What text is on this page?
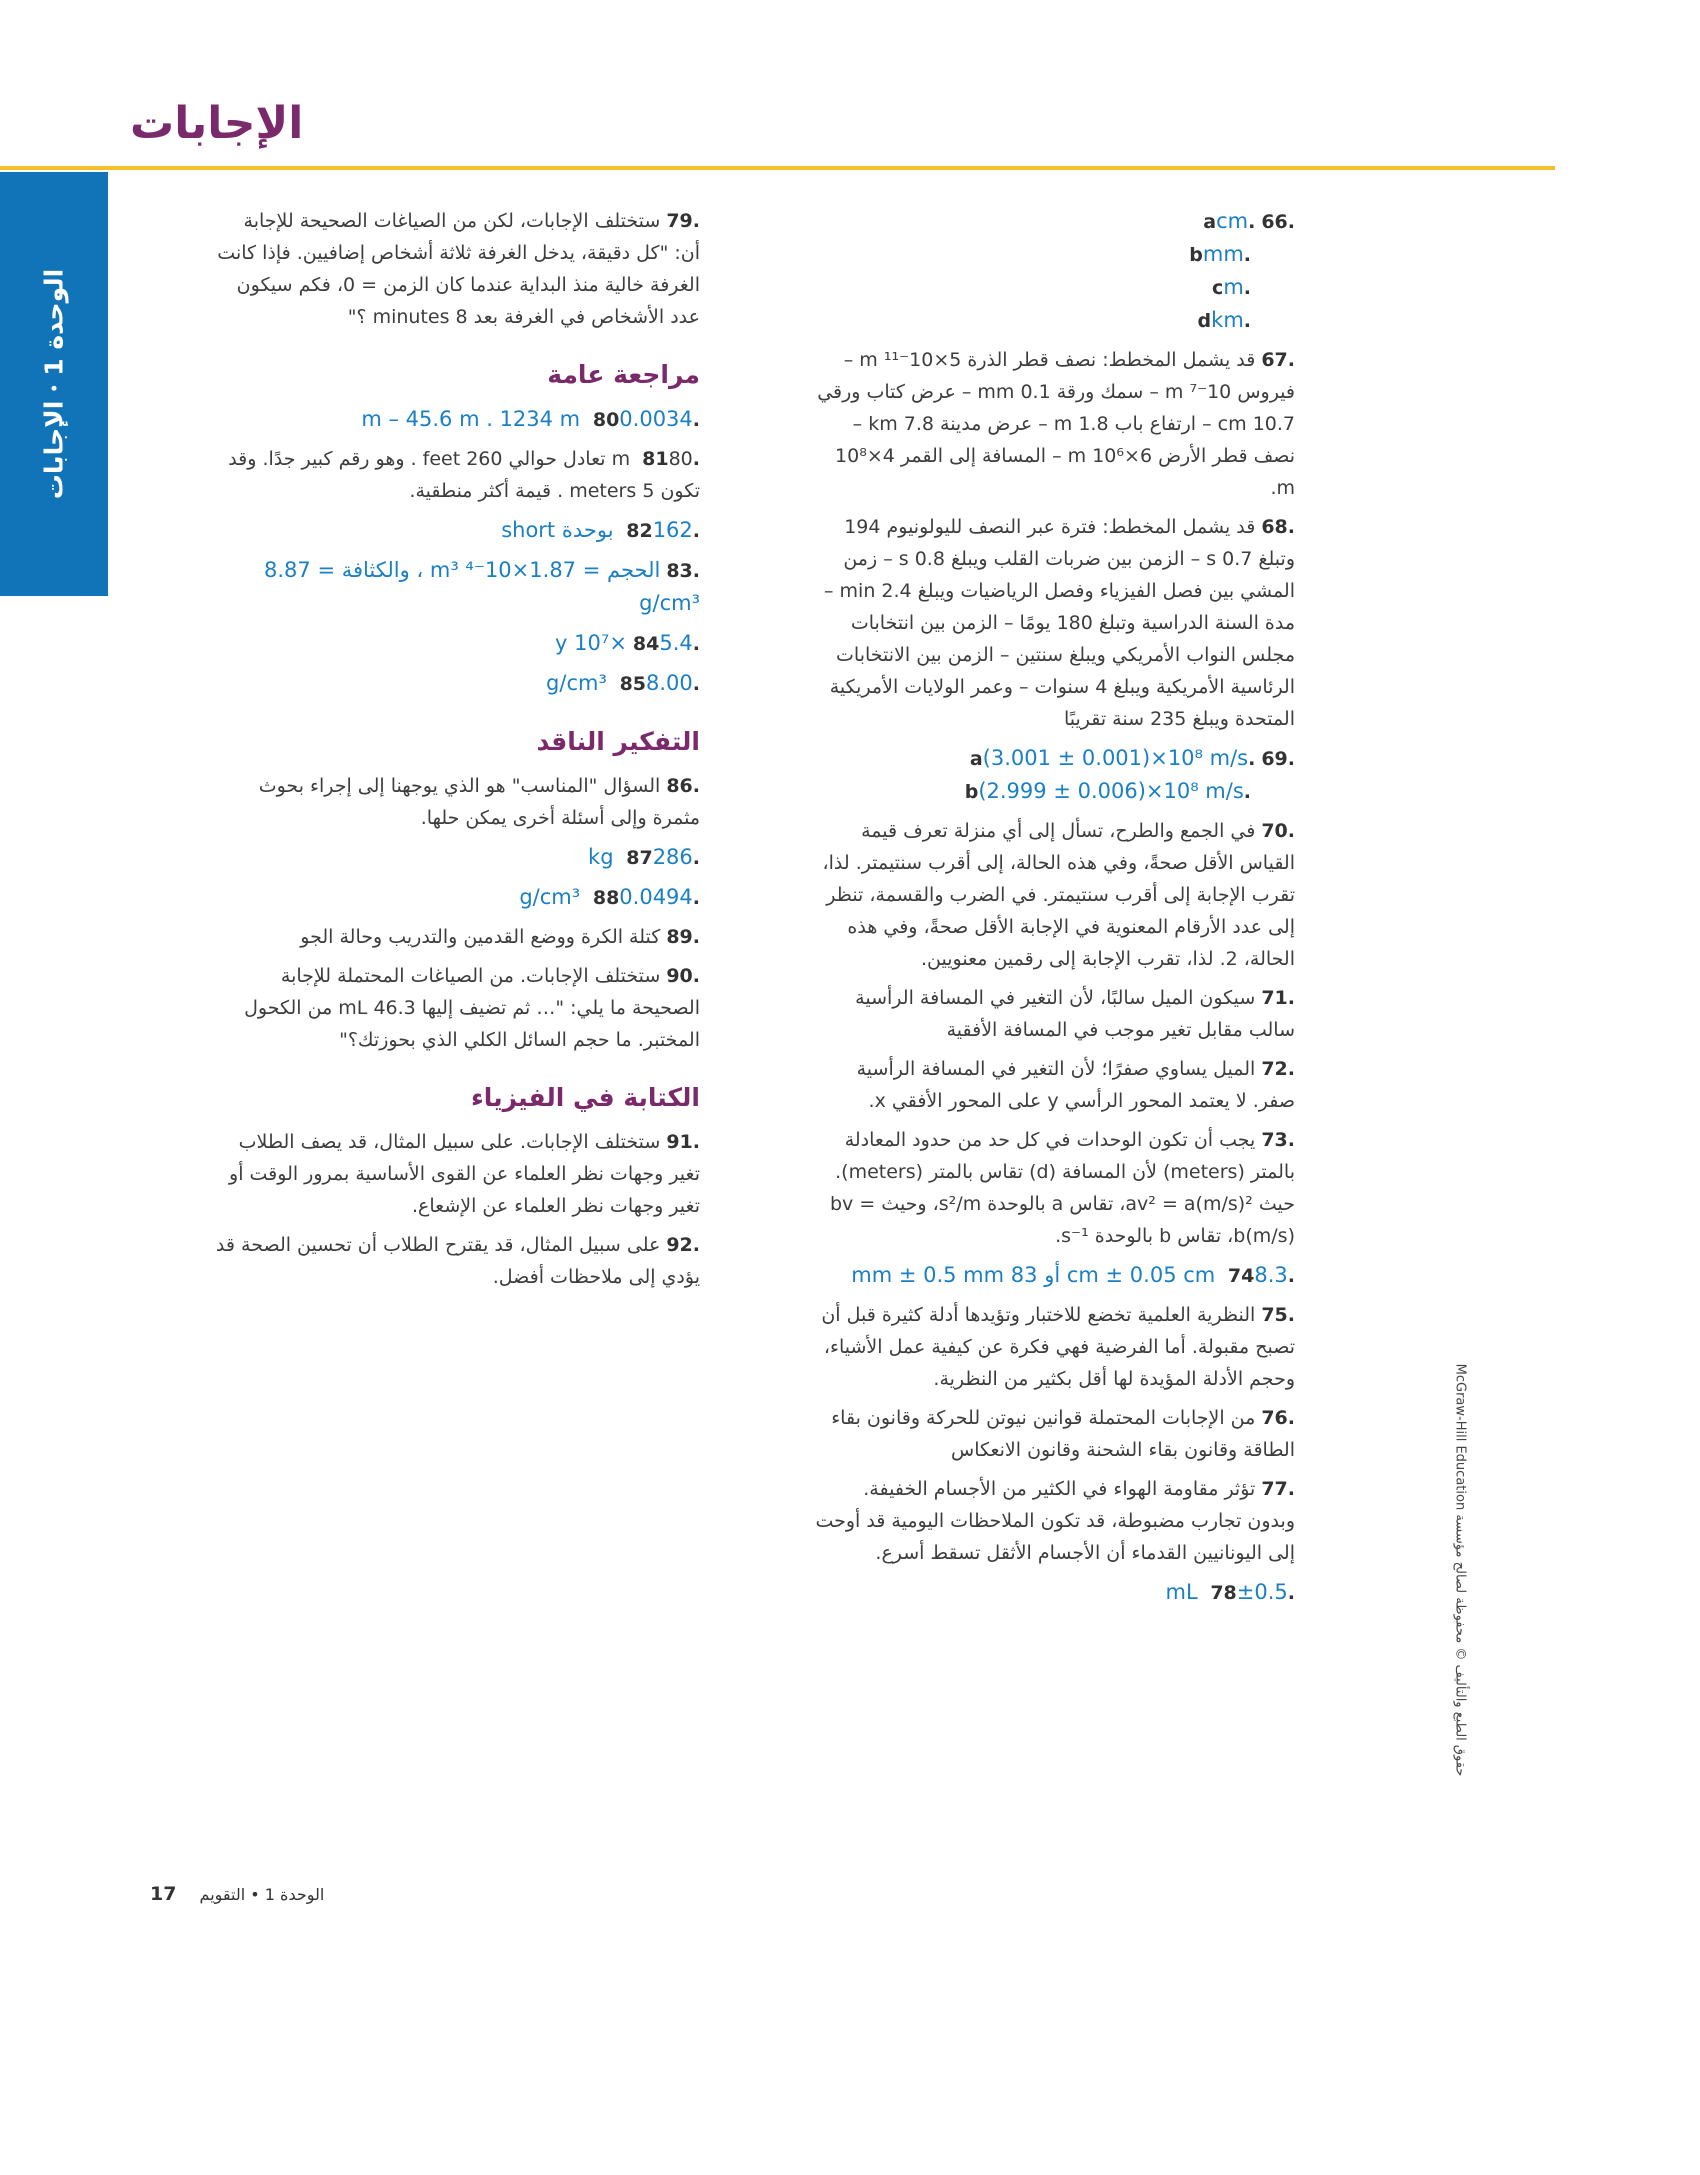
الإجابات
الوحدة 1•الإجابات
حقوق الطبع والتأليف © محفوظة لصالح مؤسسة McGraw-Hill Education
.66.acm
.bmm
.cm
.dkm
.67قد يشمل المخطط: نصف قطر الذرة 5×10⁻¹¹ m – فيروس 10⁻⁷ m – سمك ورقة 0.1 mm – عرض كتاب ورقي 10.7 cm – ارتفاع باب 1.8 m – عرض مدينة 7.8 km – نصف قطر الأرض 6×10⁶ m – المسافة إلى القمر 4×10⁸ m.
.68قد يشمل المخطط: فترة عبر النصف لليولونيوم 194 وتبلغ 0.7 s – الزمن بين ضربات القلب ويبلغ 0.8 s – زمن المشي بين فصل الفيزياء وفصل الرياضيات ويبلغ 2.4 min – مدة السنة الدراسية وتبلغ 180 يومًا – الزمن بين انتخابات مجلس النواب الأمريكي ويبلغ سنتين – الزمن بين الانتخابات الرئاسية الأمريكية ويبلغ 4 سنوات – وعمر الولايات الأمريكية المتحدة ويبلغ 235 سنة تقريبًا
.69.a(3.001 ± 0.001)×10⁸ m/s
.b(2.999 ± 0.006)×10⁸ m/s
.70في الجمع والطرح، تسأل إلى أي منزلة تعرف قيمة القياس الأقل صحةً، وفي هذه الحالة، إلى أقرب سنتيمتر. لذا، تقرب الإجابة إلى أقرب سنتيمتر. في الضرب والقسمة، تنظر إلى عدد الأرقام المعنوية في الإجابة الأقل صحةً، وفي هذه الحالة، 2. لذا، تقرب الإجابة إلى رقمين معنويين.
.71سيكون الميل سالبًا، لأن التغير في المسافة الرأسية سالب مقابل تغير موجب في المسافة الأفقية
.72الميل يساوي صفرًا؛ لأن التغير في المسافة الرأسية صفر. لا يعتمد المحور الرأسي y على المحور الأفقي x.
.73يجب أن تكون الوحدات في كل حد من حدود المعادلة بالمتر (meters) لأن المسافة (d) تقاس بالمتر (meters). حيث av² = a(m/s)²، تقاس a بالوحدة s²/m، وحيث bv = b(m/s)، تقاس b بالوحدة s⁻¹.
.748.3 cm ± 0.05 cm أو 83 mm ± 0.5 mm
.75النظرية العلمية تخضع للاختبار وتؤيدها أدلة كثيرة قبل أن تصبح مقبولة. أما الفرضية فهي فكرة عن كيفية عمل الأشياء، وحجم الأدلة المؤيدة لها أقل بكثير من النظرية.
.76من الإجابات المحتملة قوانين نيوتن للحركة وقانون بقاء الطاقة وقانون بقاء الشحنة وقانون الانعكاس
.77تؤثر مقاومة الهواء في الكثير من الأجسام الخفيفة. وبدون تجارب مضبوطة، قد تكون الملاحظات اليومية قد أوحت إلى اليونانيين القدماء أن الأجسام الأثقل تسقط أسرع.
.78±0.5 mL
.79ستختلف الإجابات، لكن من الصياغات الصحيحة للإجابة أن: "كل دقيقة، يدخل الغرفة ثلاثة أشخاص إضافيين. فإذا كانت الغرفة خالية منذ البداية عندما كان الزمن = 0، فكم سيكون عدد الأشخاص في الغرفة بعد 8 minutes ؟"
مراجعة عامة
.800.0034 m – 45.6 m . 1234 m
.8180 m تعادل حوالي 260 feet . وهو رقم كبير جدًا. وقد تكون 5 meters . قيمة أكثر منطقية.
.82162 بوحدة short
.83الحجم = 1.87×10⁻⁴ m³ ، والكثافة = 8.87 g/cm³
.845.4×10⁷ y
.858.00 g/cm³
التفكير الناقد
.86السؤال "المناسب" هو الذي يوجهنا إلى إجراء بحوث مثمرة وإلى أسئلة أخرى يمكن حلها.
.87286 kg
.880.0494 g/cm³
.89كتلة الكرة ووضع القدمين والتدريب وحالة الجو
.90ستختلف الإجابات. من الصياغات المحتملة للإجابة الصحيحة ما يلي: "… ثم تضيف إليها 46.3 mL من الكحول المختبر. ما حجم السائل الكلي الذي بحوزتك؟"
الكتابة في الفيزياء
.91ستختلف الإجابات. على سبيل المثال، قد يصف الطلاب تغير وجهات نظر العلماء عن القوى الأساسية بمرور الوقت أو تغير وجهات نظر العلماء عن الإشعاع.
.92على سبيل المثال، قد يقترح الطلاب أن تحسين الصحة قد يؤدي إلى ملاحظات أفضل.
الوحدة 1 • التقويم 17
